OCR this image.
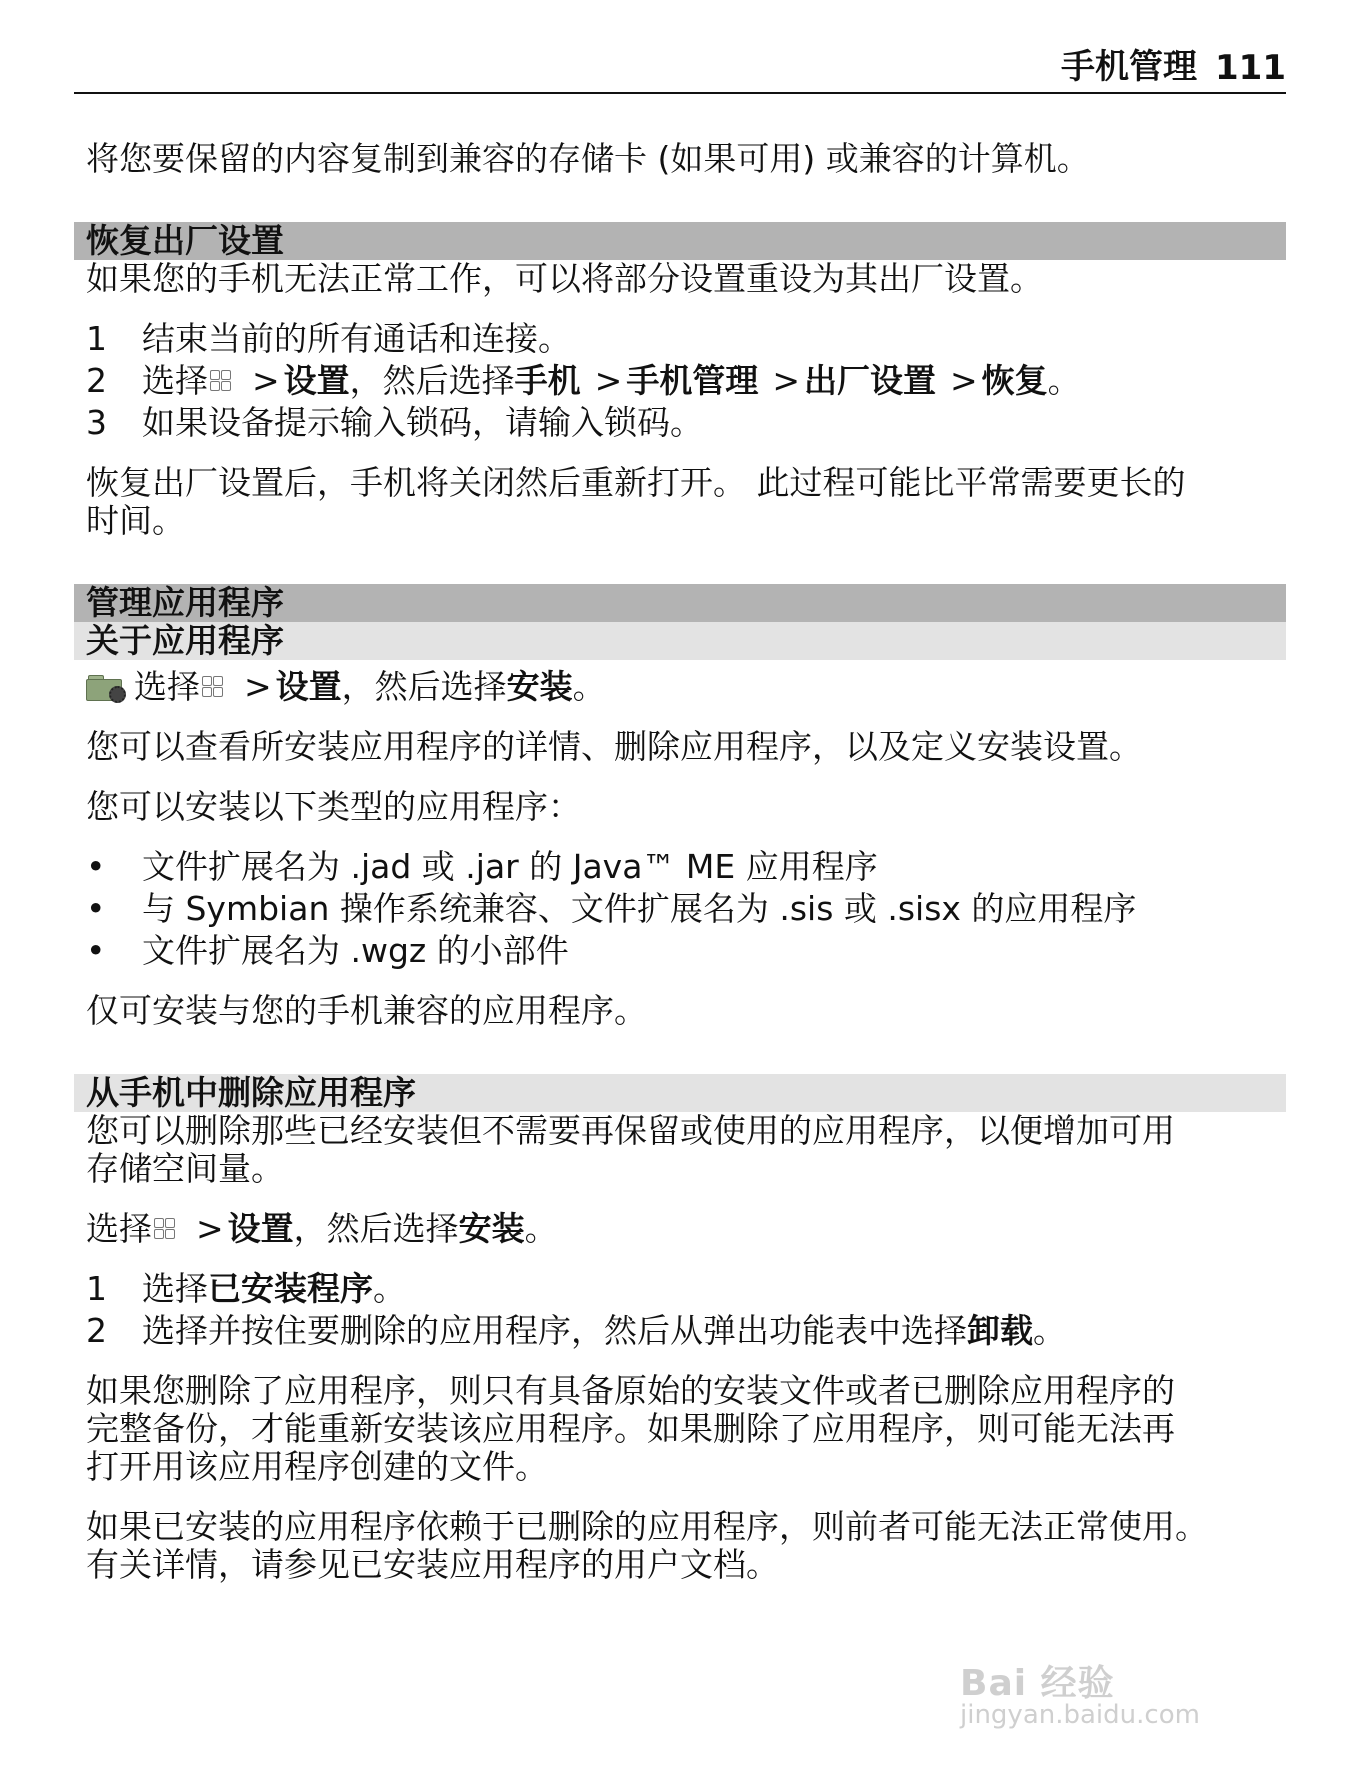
手机管理 111

将您要保留的内容复制到兼容的存储卡 (如果可用) 或兼容的计算机。

恢复出厂设置

如果您的手机无法正常工作，可以将部分设置重设为其出厂设置。

1	结束当前的所有通话和连接。
2	选择 > 设置 ，然后选择 手机 > 手机管理 > 出厂设置 > 恢复 。
3	如果设备提示输入锁码，请输入锁码。

恢复出厂设置后，手机将关闭然后重新打开。 此过程可能比平常需要更长的
时间。

管理应用程序
关于应用程序
选择 > 设置 ，然后选择 安装 。

您可以查看所安装应用程序的详情、删除应用程序，以及定义安装设置。

您可以安装以下类型的应用程序：

•	文件扩展名为 .jad 或 .jar 的 Java™ ME 应用程序
•	与 Symbian 操作系统兼容、文件扩展名为 .sis 或 .sisx 的应用程序
•	文件扩展名为 .wgz 的小部件

仅可安装与您的手机兼容的应用程序。

从手机中删除应用程序

您可以删除那些已经安装但不需要再保留或使用的应用程序，以便增加可用
存储空间量。

选择 > 设置 ，然后选择 安装 。
1	选择 已安装程序 。
2	选择并按住要删除的应用程序，然后从弹出功能表中选择 卸载 。

如果您删除了应用程序，则只有具备原始的安装文件或者已删除应用程序的
完整备份，才能重新安装该应用程序。如果删除了应用程序，则可能无法再
打开用该应用程序创建的文件。

如果已安装的应用程序依赖于已删除的应用程序，则前者可能无法正常使用。
有关详情，请参见已安装应用程序的用户文档。

Bai 经验
jingyan.baidu.com
